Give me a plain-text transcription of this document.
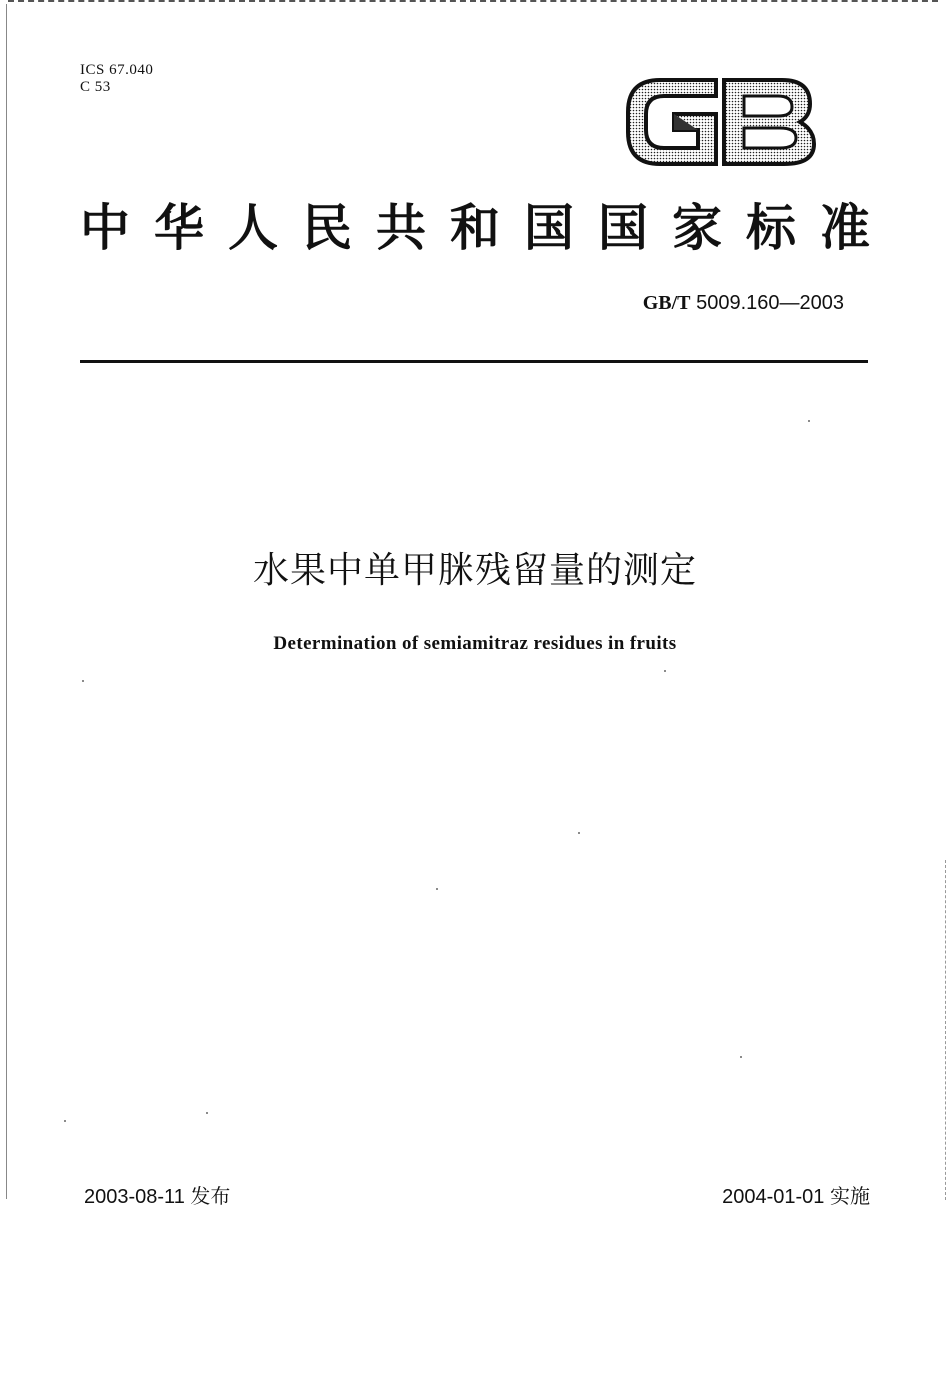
ICS 67.040
C 53
GB
中 华 人 民 共 和 国 国 家 标 准
GB/T 5009.160—2003
水果中单甲脒残留量的测定
Determination of semiamitraz residues in fruits
2003-08-11 发布	2004-01-01 实施
